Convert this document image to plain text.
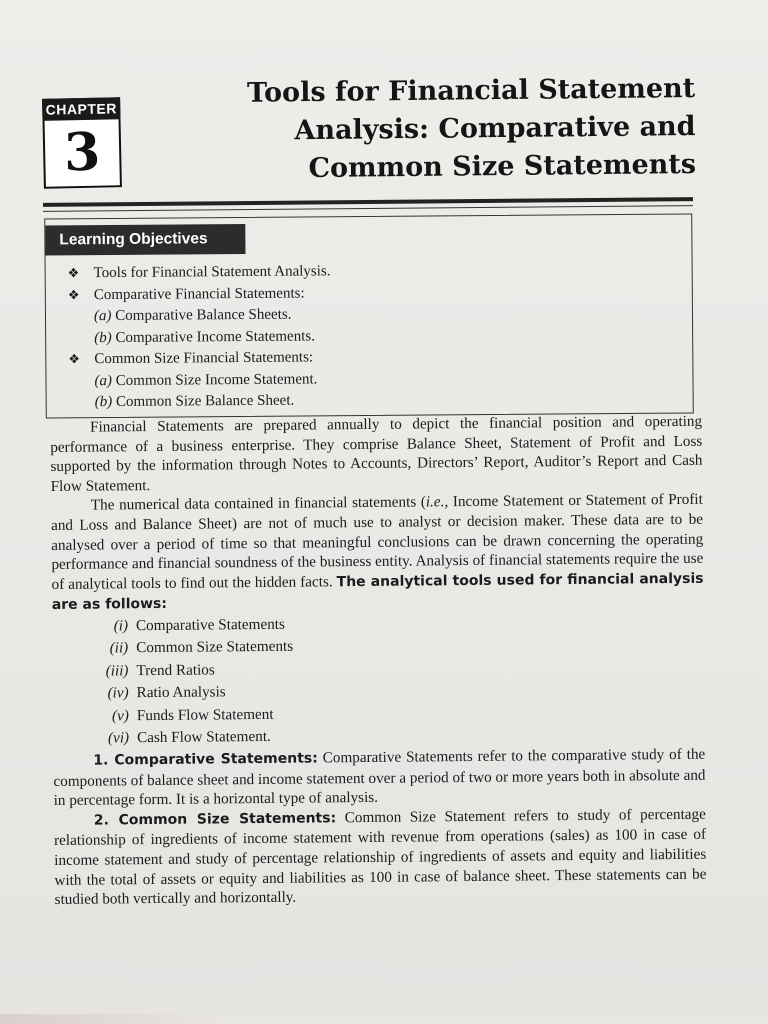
CHAPTER
3
Tools for Financial Statement
Analysis: Comparative and
Common Size Statements
Learning Objectives
❖ Tools for Financial Statement Analysis.
❖ Comparative Financial Statements:
(a) Comparative Balance Sheets.
(b) Comparative Income Statements.
❖ Common Size Financial Statements:
(a) Common Size Income Statement.
(b) Common Size Balance Sheet.

Financial Statements are prepared annually to depict the financial position and operating performance of a business enterprise. They comprise Balance Sheet, Statement of Profit and Loss supported by the information through Notes to Accounts, Directors’ Report, Auditor’s Report and Cash Flow Statement.

The numerical data contained in financial statements (i.e., Income Statement or Statement of Profit and Loss and Balance Sheet) are not of much use to analyst or decision maker. These data are to be analysed over a period of time so that meaningful conclusions can be drawn concerning the operating performance and financial soundness of the business entity. Analysis of financial statements require the use of analytical tools to find out the hidden facts. The analytical tools used for financial analysis are as follows:

(i) Comparative Statements
(ii) Common Size Statements
(iii) Trend Ratios
(iv) Ratio Analysis
(v) Funds Flow Statement
(vi) Cash Flow Statement.

1. Comparative Statements: Comparative Statements refer to the comparative study of the components of balance sheet and income statement over a period of two or more years both in absolute and in percentage form. It is a horizontal type of analysis.

2. Common Size Statements: Common Size Statement refers to study of percentage relationship of ingredients of income statement with revenue from operations (sales) as 100 in case of income statement and study of percentage relationship of ingredients of assets and equity and liabilities with the total of assets or equity and liabilities as 100 in case of balance sheet. These statements can be studied both vertically and horizontally.
